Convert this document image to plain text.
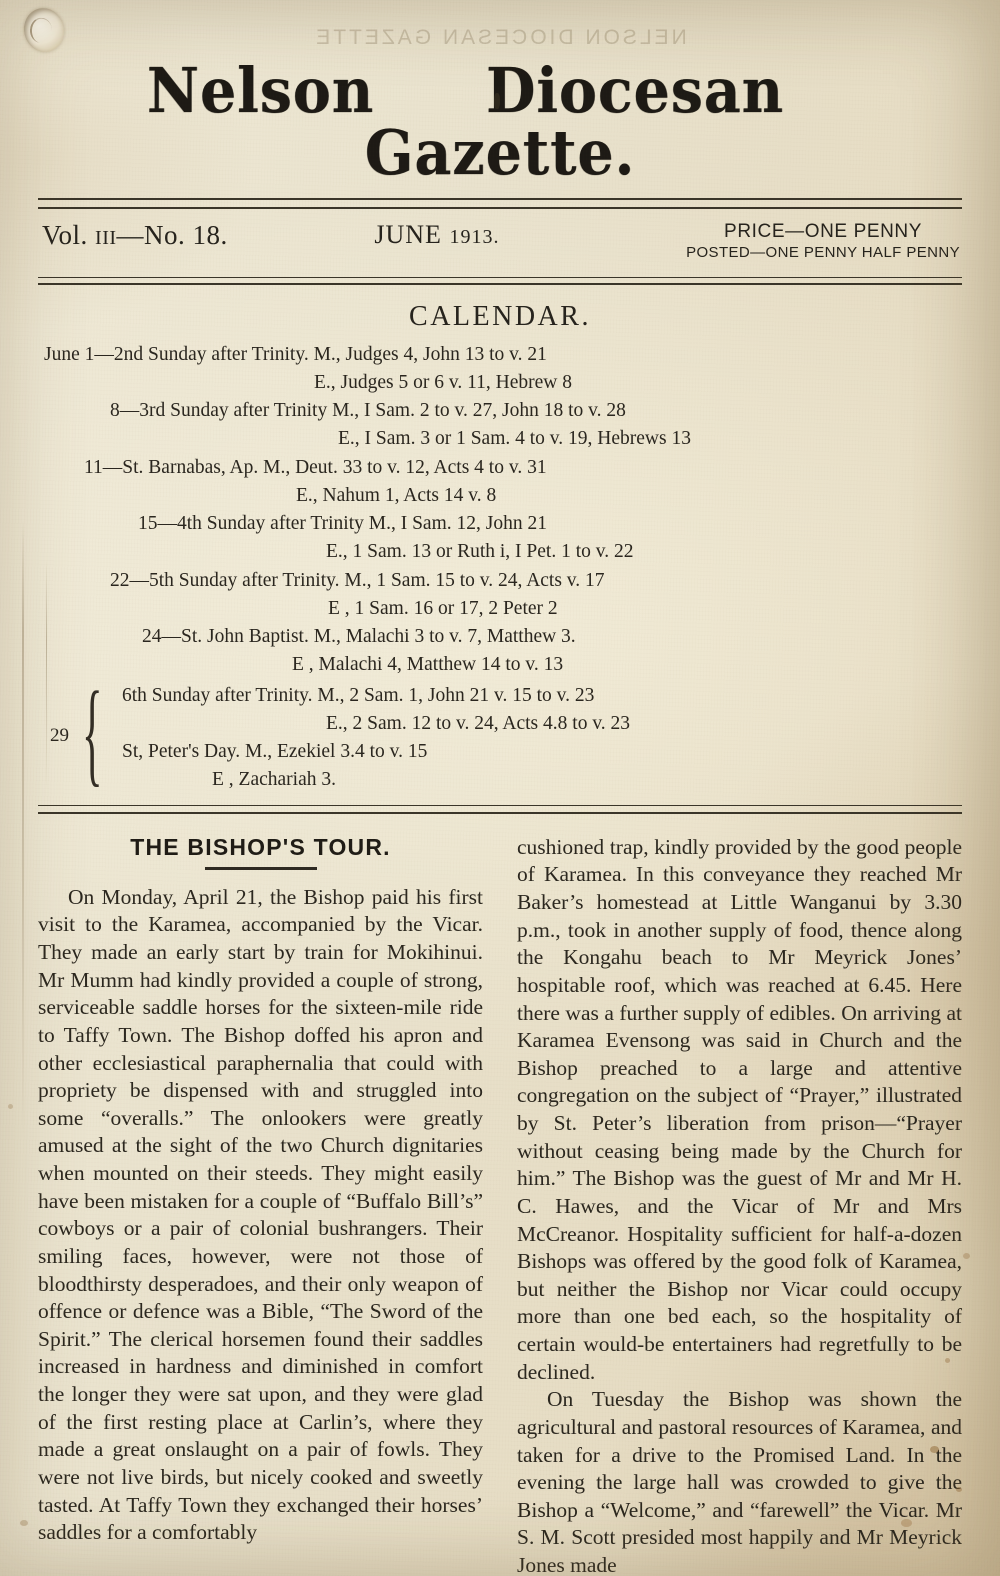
NELSON DIOCESAN GAZETTE
Nelson Diocesan  Gazette.
Vol. III—No. 18.	JUNE 1913.	PRICE—ONE PENNY
POSTED—ONE PENNY HALF PENNY
CALENDAR.
June 1—2nd Sunday after Trinity. M., Judges 4, John 13 to v. 21
E., Judges 5 or 6 v. 11, Hebrew 8
8—3rd Sunday after Trinity M., I Sam. 2 to v. 27, John 18 to v. 28
E., I Sam. 3 or 1 Sam. 4 to v. 19, Hebrews 13
11—St. Barnabas, Ap. M., Deut. 33 to v. 12, Acts 4 to v. 31
E., Nahum 1, Acts 14 v. 8
15—4th Sunday after Trinity M., I Sam. 12, John 21
E., 1 Sam. 13 or Ruth i, I Pet. 1 to v. 22
22—5th Sunday after Trinity. M., 1 Sam. 15 to v. 24, Acts v. 17
E , 1 Sam. 16 or 17, 2 Peter 2
24—St. John Baptist. M., Malachi 3 to v. 7, Matthew 3.
E , Malachi 4, Matthew 14 to v. 13
29 { 6th Sunday after Trinity. M., 2 Sam. 1, John 21 v. 15 to v. 23
E., 2 Sam. 12 to v. 24, Acts 4.8 to v. 23
St, Peter's Day. M., Ezekiel 3.4 to v. 15
E , Zachariah 3.
THE BISHOP'S TOUR.

On Monday, April 21, the Bishop paid his first visit to the Karamea, accompanied by the Vicar. They made an early start by train for Mokihinui. Mr Mumm had kindly provided a couple of strong, serviceable saddle horses for the sixteen-mile ride to Taffy Town. The Bishop doffed his apron and other ecclesiastical paraphernalia that could with propriety be dispensed with and struggled into some “overalls.” The onlookers were greatly amused at the sight of the two Church dignitaries when mounted on their steeds. They might easily have been mistaken for a couple of “Buffalo Bill’s” cowboys or a pair of colonial bushrangers. Their smiling faces, however, were not those of bloodthirsty desperadoes, and their only weapon of offence or defence was a Bible, “The Sword of the Spirit.” The clerical horsemen found their saddles increased in hardness and diminished in comfort the longer they were sat upon, and they were glad of the first resting place at Carlin’s, where they made a great onslaught on a pair of fowls. They were not live birds, but nicely cooked and sweetly tasted. At Taffy Town they exchanged their horses’ saddles for a comfortably

cushioned trap, kindly provided by the good people of Karamea. In this conveyance they reached Mr Baker’s homestead at Little Wanganui by 3.30 p.m., took in another supply of food, thence along the Kongahu beach to Mr Meyrick Jones’ hospitable roof, which was reached at 6.45. Here there was a further supply of edibles. On arriving at Karamea Evensong was said in Church and the Bishop preached to a large and attentive congregation on the subject of “Prayer,” illustrated by St. Peter’s liberation from prison—“Prayer without ceasing being made by the Church for him.” The Bishop was the guest of Mr and Mr H. C. Hawes, and the Vicar of Mr and Mrs McCreanor. Hospitality sufficient for half-a-dozen Bishops was offered by the good folk of Karamea, but neither the Bishop nor Vicar could occupy more than one bed each, so the hospitality of certain would-be entertainers had regretfully to be declined.

On Tuesday the Bishop was shown the agricultural and pastoral resources of Karamea, and taken for a drive to the Promised Land. In the evening the large hall was crowded to give the Bishop a “Welcome,” and “farewell” the Vicar. Mr S. M. Scott presided most happily and Mr Meyrick Jones made
